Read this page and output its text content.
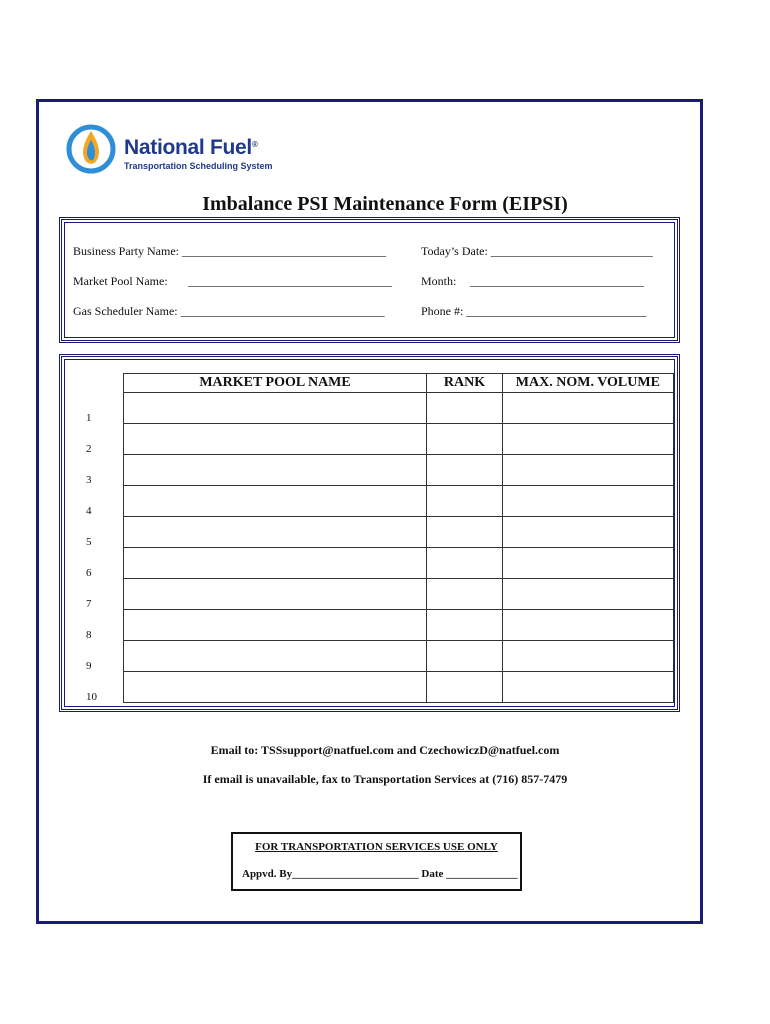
National Fuel®
Transportation Scheduling System
Imbalance PSI Maintenance Form (EIPSI)
Business Party Name: __________________________________	Today’s Date: ___________________________
Market Pool Name: __________________________________ Month: _____________________________
Gas Scheduler Name: __________________________________	Phone #: ______________________________
	MARKET POOL NAME	RANK	MAX. NOM. VOLUME
1			
2			
3			
4			
5			
6			
7			
8			
9			
10			
Email to: TSSsupport@natfuel.com and CzechowiczD@natfuel.com
If email is unavailable, fax to Transportation Services at (716) 857-7479
FOR TRANSPORTATION SERVICES USE ONLY
Appvd. By_______________________ Date _____________
